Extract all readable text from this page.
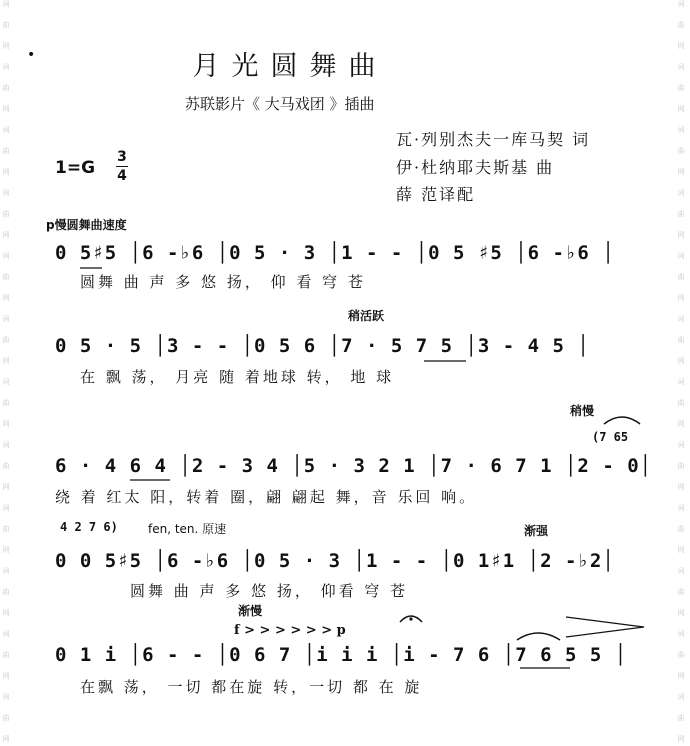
词
曲
网
词
曲
网
词
曲
网
词
曲
网
词
曲
网
词
曲
网
词
曲
网
词
曲
网
词
曲
网
词
曲
网
词
曲
网
词
曲
网
词
曲
网
词
曲
网
词
曲
网
词
曲
网
词
曲
网
词
曲
网
词
曲
网
词
曲
网
词
曲
网
词
曲
网
词
曲
网
词
曲
网
•	月光圆舞曲
苏联影片《 大马戏团 》插曲
瓦·列别杰夫一库马契 词
伊·杜纳耶夫斯基 曲
薛 范译配
1=G
3
4
p慢圆舞曲速度
0 5♯5 │6 -♭6 │0 5 · 3 │1 - - │0 5 ♯5 │6 -♭6 │
圆舞 曲 声 多 悠 扬， 仰 看 穹 苍
稍活跃
0 5 · 5 │3 - - │0 5 6 │7 · 5 7 5 │3 - 4 5 │
在 飘 荡， 月亮 随 着地球 转， 地 球
稍慢
(7 65
6 · 4 6 4 │2 - 3 4 │5 · 3 2 1 │7 · 6 7 1 │2 - 0│
绕 着 红太 阳，转着 圈，翩 翩起 舞，音 乐回 响。
4 2 7 6)	fen, ten. 原速	渐强
0 0 5♯5 │6 -♭6 │0 5 · 3 │1 - - │0 1♯1 │2 -♭2│
圆舞 曲 声 多 悠 扬， 仰看 穹 苍
渐慢
f > > > > > > p
0 1 i │6 - - │0 6 7 │i i i │i - 7 6 │7 6 5 5 │
在飘 荡， 一切 都在旋 转，一切 都 在 旋
